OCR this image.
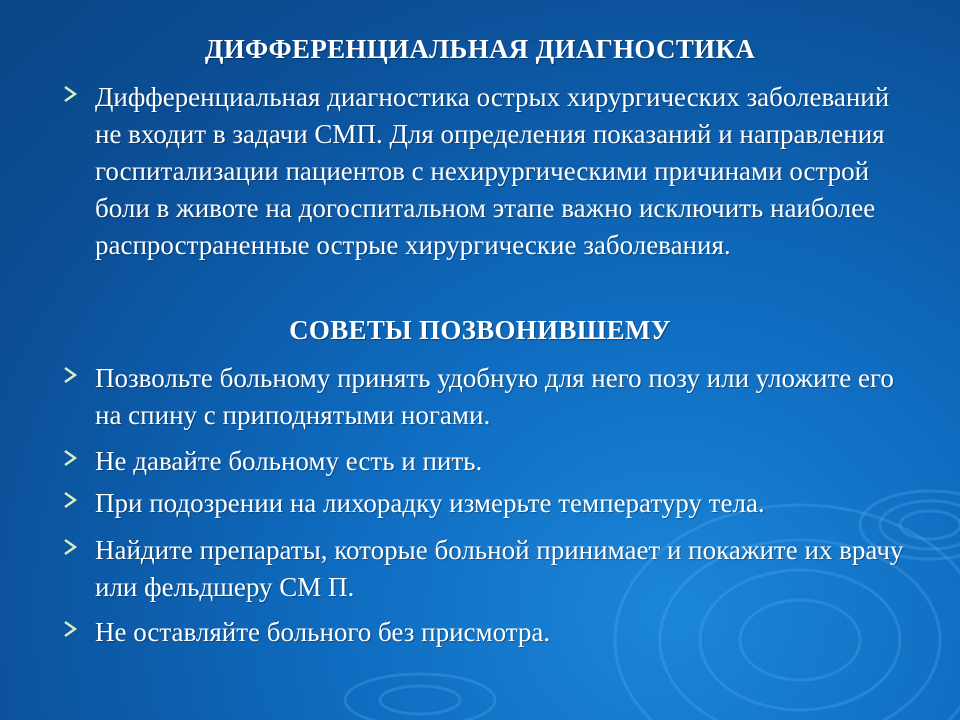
ДИФФЕРЕНЦИАЛЬНАЯ ДИАГНОСТИКА
Дифференциальная диагностика острых хирургических заболеваний не входит в задачи СМП. Для определения показаний и направления госпитализации пациентов с нехирургическими причинами острой боли в животе на догоспитальном этапе важно исключить наиболее распространенные острые хирургические заболевания.
СОВЕТЫ ПОЗВОНИВШЕМУ
Позвольте больному принять удобную для него позу или уложите его на спину с приподнятыми ногами.
Не давайте больному есть и пить.
При подозрении на лихорадку измерьте температуру тела.
Найдите препараты, которые больной принимает и покажите их врачу или фельдшеру СМ П.
Не оставляйте больного без присмотра.
